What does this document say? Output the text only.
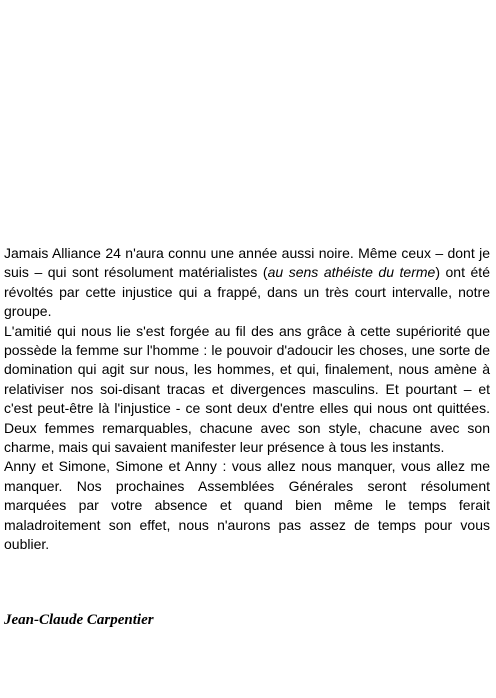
Jamais Alliance 24 n'aura connu une année aussi noire. Même ceux – dont je suis – qui sont résolument matérialistes (au sens athéiste du terme) ont été révoltés par cette injustice qui a frappé, dans un très court intervalle, notre groupe.

L'amitié qui nous lie s'est forgée au fil des ans grâce à cette supériorité que possède la femme sur l'homme : le pouvoir d'adoucir les choses, une sorte de domination qui agit sur nous, les hommes, et qui, finalement, nous amène à relativiser nos soi-disant tracas et divergences masculins. Et pourtant – et c'est peut-être là l'injustice - ce sont deux d'entre elles qui nous ont quittées. Deux femmes remarquables, chacune avec son style, chacune avec son charme, mais qui savaient manifester leur présence à tous les instants.

Anny et Simone, Simone et Anny : vous allez nous manquer, vous allez me manquer. Nos prochaines Assemblées Générales seront résolument marquées par votre absence et quand bien même le temps ferait maladroitement son effet, nous n'aurons pas assez de temps pour vous oublier.

Jean-Claude Carpentier
